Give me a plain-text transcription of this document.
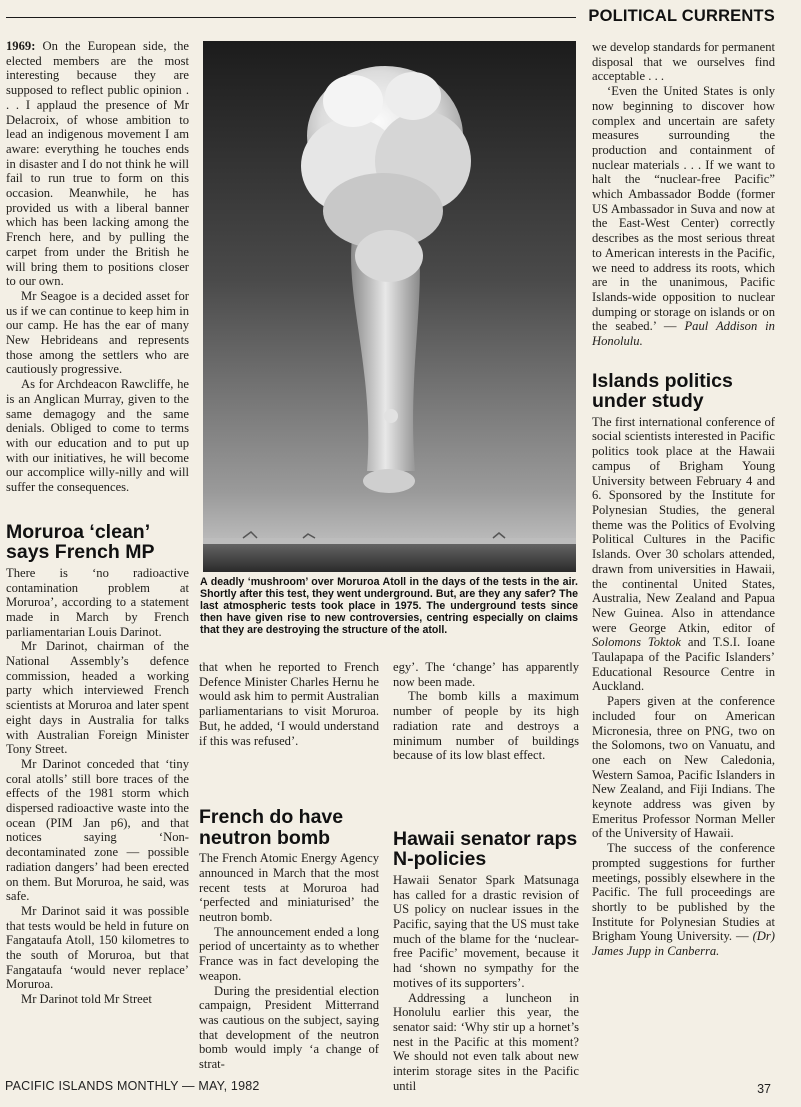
POLITICAL CURRENTS

1969: On the European side, the elected members are the most interesting because they are supposed to reflect public opinion . . . I applaud the presence of Mr Delacroix, of whose ambition to lead an indigenous movement I am aware: everything he touches ends in disaster and I do not think he will fail to run true to form on this occasion. Meanwhile, he has provided us with a liberal banner which has been lacking among the French here, and by pulling the carpet from under the British he will bring them to positions closer to our own.

Mr Seagoe is a decided asset for us if we can continue to keep him in our camp. He has the ear of many New Hebrideans and represents those among the settlers who are cautiously progressive.

As for Archdeacon Rawcliffe, he is an Anglican Murray, given to the same demagogy and the same denials. Obliged to come to terms with our education and to put up with our initiatives, he will become our accomplice willy-nilly and will suffer the consequences.

Moruroa ‘clean’ says French MP

There is ‘no radioactive contamination problem at Moruroa’, according to a statement made in March by French parliamentarian Louis Darinot.

Mr Darinot, chairman of the National Assembly’s defence commission, headed a working party which interviewed French scientists at Moruroa and later spent eight days in Australia for talks with Australian Foreign Minister Tony Street.

Mr Darinot conceded that ‘tiny coral atolls’ still bore traces of the effects of the 1981 storm which dispersed radioactive waste into the ocean (PIM Jan p6), and that notices saying ‘Non-decontaminated zone — possible radiation dangers’ had been erected on them. But Moruroa, he said, was safe.

Mr Darinot said it was possible that tests would be held in future on Fangataufa Atoll, 150 kilometres to the south of Moruroa, but that Fangataufa ‘would never replace’ Moruroa.

Mr Darinot told Mr Street

A deadly ‘mushroom’ over Moruroa Atoll in the days of the tests in the air. Shortly after this test, they went underground. But, are they any safer? The last atmospheric tests took place in 1975. The underground tests since then have given rise to new controversies, centring especially on claims that they are destroying the structure of the atoll.

that when he reported to French Defence Minister Charles Hernu he would ask him to permit Australian parliamentarians to visit Moruroa. But, he added, ‘I would understand if this was refused’.

French do have neutron bomb

The French Atomic Energy Agency announced in March that the most recent tests at Moruroa had ‘perfected and miniaturised’ the neutron bomb.

The announcement ended a long period of uncertainty as to whether France was in fact developing the weapon.

During the presidential election campaign, President Mitterrand was cautious on the subject, saying that development of the neutron bomb would imply ‘a change of strat-

egy’. The ‘change’ has apparently now been made.

The bomb kills a maximum number of people by its high radiation rate and destroys a minimum number of buildings because of its low blast effect.

Hawaii senator raps N-policies

Hawaii Senator Spark Matsunaga has called for a drastic revision of US policy on nuclear issues in the Pacific, saying that the US must take much of the blame for the ‘nuclear-free Pacific’ movement, because it had ‘shown no sympathy for the motives of its supporters’.

Addressing a luncheon in Honolulu earlier this year, the senator said: ‘Why stir up a hornet’s nest in the Pacific at this moment? We should not even talk about new interim storage sites in the Pacific until

we develop standards for permanent disposal that we ourselves find acceptable . . .

‘Even the United States is only now beginning to discover how complex and uncertain are safety measures surrounding the production and containment of nuclear materials . . . If we want to halt the “nuclear-free Pacific” which Ambassador Bodde (former US Ambassador in Suva and now at the East-West Center) correctly describes as the most serious threat to American interests in the Pacific, we need to address its roots, which are in the unanimous, Pacific Islands-wide opposition to nuclear dumping or storage on islands or on the seabed.’ — Paul Addison in Honolulu.

Islands politics under study

The first international conference of social scientists interested in Pacific politics took place at the Hawaii campus of Brigham Young University between February 4 and 6. Sponsored by the Institute for Polynesian Studies, the general theme was the Politics of Evolving Political Cultures in the Pacific Islands. Over 30 scholars attended, drawn from universities in Hawaii, the continental United States, Australia, New Zealand and Papua New Guinea. Also in attendance were George Atkin, editor of Solomons Toktok and T.S.I. Ioane Taulapapa of the Pacific Islanders’ Educational Resource Centre in Auckland.

Papers given at the conference included four on American Micronesia, three on PNG, two on the Solomons, two on Vanuatu, and one each on New Caledonia, Western Samoa, Pacific Islanders in New Zealand, and Fiji Indians. The keynote address was given by Emeritus Professor Norman Meller of the University of Hawaii.

The success of the conference prompted suggestions for further meetings, possibly elsewhere in the Pacific. The full proceedings are shortly to be published by the Institute for Polynesian Studies at Brigham Young University. — (Dr) James Jupp in Canberra.

PACIFIC ISLANDS MONTHLY — MAY, 1982	37
